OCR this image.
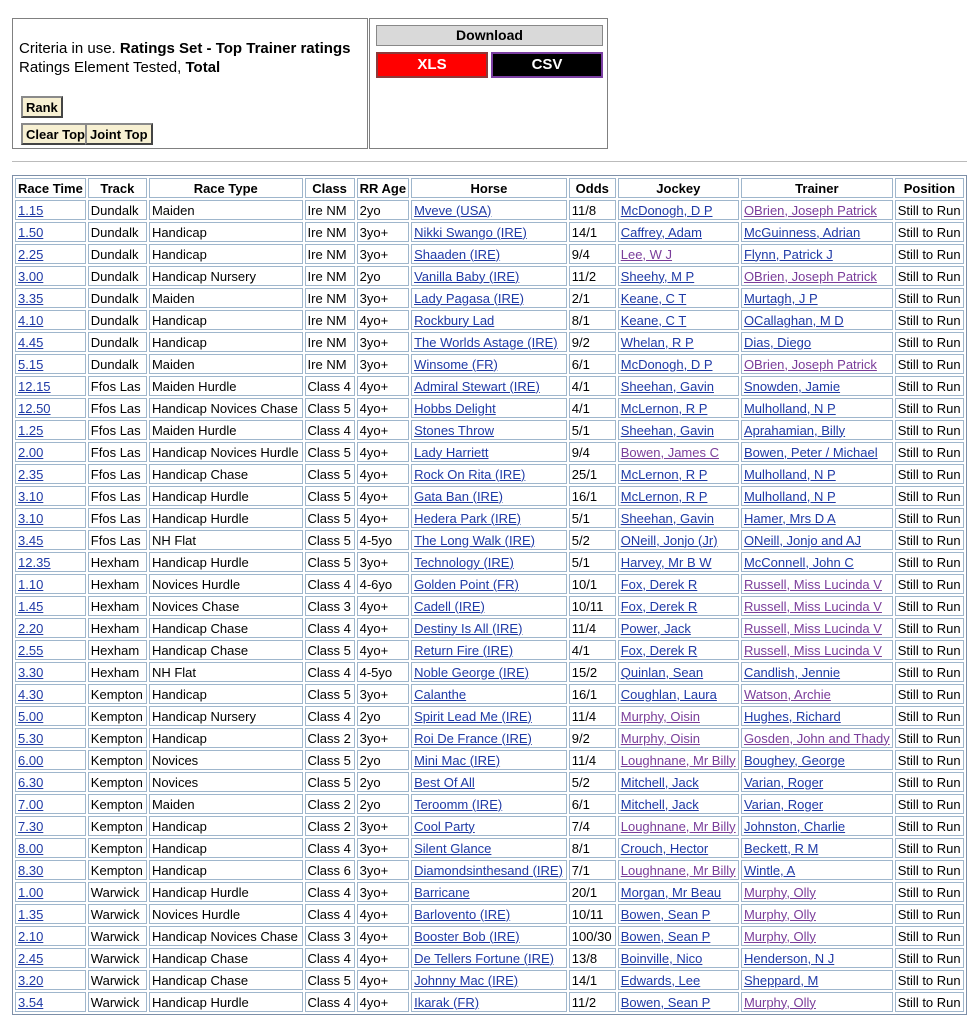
Criteria in use. Ratings Set - Top Trainer ratings
Ratings Element Tested, Total
Rank
Clear Top Joint Top
Download
XLS	CSV
Race Time	Track	Race Type	Class	RR Age	Horse	Odds	Jockey	Trainer	Position
1.15	Dundalk	Maiden	Ire NM	2yo	Mveve (USA)	11/8	McDonogh, D P	OBrien, Joseph Patrick	Still to Run
1.50	Dundalk	Handicap	Ire NM	3yo+	Nikki Swango (IRE)	14/1	Caffrey, Adam	McGuinness, Adrian	Still to Run
2.25	Dundalk	Handicap	Ire NM	3yo+	Shaaden (IRE)	9/4	Lee, W J	Flynn, Patrick J	Still to Run
3.00	Dundalk	Handicap Nursery	Ire NM	2yo	Vanilla Baby (IRE)	11/2	Sheehy, M P	OBrien, Joseph Patrick	Still to Run
3.35	Dundalk	Maiden	Ire NM	3yo+	Lady Pagasa (IRE)	2/1	Keane, C T	Murtagh, J P	Still to Run
4.10	Dundalk	Handicap	Ire NM	4yo+	Rockbury Lad	8/1	Keane, C T	OCallaghan, M D	Still to Run
4.45	Dundalk	Handicap	Ire NM	3yo+	The Worlds Astage (IRE)	9/2	Whelan, R P	Dias, Diego	Still to Run
5.15	Dundalk	Maiden	Ire NM	3yo+	Winsome (FR)	6/1	McDonogh, D P	OBrien, Joseph Patrick	Still to Run
12.15	Ffos Las	Maiden Hurdle	Class 4	4yo+	Admiral Stewart (IRE)	4/1	Sheehan, Gavin	Snowden, Jamie	Still to Run
12.50	Ffos Las	Handicap Novices Chase	Class 5	4yo+	Hobbs Delight	4/1	McLernon, R P	Mulholland, N P	Still to Run
1.25	Ffos Las	Maiden Hurdle	Class 4	4yo+	Stones Throw	5/1	Sheehan, Gavin	Aprahamian, Billy	Still to Run
2.00	Ffos Las	Handicap Novices Hurdle	Class 5	4yo+	Lady Harriett	9/4	Bowen, James C	Bowen, Peter / Michael	Still to Run
2.35	Ffos Las	Handicap Chase	Class 5	4yo+	Rock On Rita (IRE)	25/1	McLernon, R P	Mulholland, N P	Still to Run
3.10	Ffos Las	Handicap Hurdle	Class 5	4yo+	Gata Ban (IRE)	16/1	McLernon, R P	Mulholland, N P	Still to Run
3.10	Ffos Las	Handicap Hurdle	Class 5	4yo+	Hedera Park (IRE)	5/1	Sheehan, Gavin	Hamer, Mrs D A	Still to Run
3.45	Ffos Las	NH Flat	Class 5	4-5yo	The Long Walk (IRE)	5/2	ONeill, Jonjo (Jr)	ONeill, Jonjo and AJ	Still to Run
12.35	Hexham	Handicap Hurdle	Class 5	3yo+	Technology (IRE)	5/1	Harvey, Mr B W	McConnell, John C	Still to Run
1.10	Hexham	Novices Hurdle	Class 4	4-6yo	Golden Point (FR)	10/1	Fox, Derek R	Russell, Miss Lucinda V	Still to Run
1.45	Hexham	Novices Chase	Class 3	4yo+	Cadell (IRE)	10/11	Fox, Derek R	Russell, Miss Lucinda V	Still to Run
2.20	Hexham	Handicap Chase	Class 4	4yo+	Destiny Is All (IRE)	11/4	Power, Jack	Russell, Miss Lucinda V	Still to Run
2.55	Hexham	Handicap Chase	Class 5	4yo+	Return Fire (IRE)	4/1	Fox, Derek R	Russell, Miss Lucinda V	Still to Run
3.30	Hexham	NH Flat	Class 4	4-5yo	Noble George (IRE)	15/2	Quinlan, Sean	Candlish, Jennie	Still to Run
4.30	Kempton	Handicap	Class 5	3yo+	Calanthe	16/1	Coughlan, Laura	Watson, Archie	Still to Run
5.00	Kempton	Handicap Nursery	Class 4	2yo	Spirit Lead Me (IRE)	11/4	Murphy, Oisin	Hughes, Richard	Still to Run
5.30	Kempton	Handicap	Class 2	3yo+	Roi De France (IRE)	9/2	Murphy, Oisin	Gosden, John and Thady	Still to Run
6.00	Kempton	Novices	Class 5	2yo	Mini Mac (IRE)	11/4	Loughnane, Mr Billy	Boughey, George	Still to Run
6.30	Kempton	Novices	Class 5	2yo	Best Of All	5/2	Mitchell, Jack	Varian, Roger	Still to Run
7.00	Kempton	Maiden	Class 2	2yo	Teroomm (IRE)	6/1	Mitchell, Jack	Varian, Roger	Still to Run
7.30	Kempton	Handicap	Class 2	3yo+	Cool Party	7/4	Loughnane, Mr Billy	Johnston, Charlie	Still to Run
8.00	Kempton	Handicap	Class 4	3yo+	Silent Glance	8/1	Crouch, Hector	Beckett, R M	Still to Run
8.30	Kempton	Handicap	Class 6	3yo+	Diamondsinthesand (IRE)	7/1	Loughnane, Mr Billy	Wintle, A	Still to Run
1.00	Warwick	Handicap Hurdle	Class 4	3yo+	Barricane	20/1	Morgan, Mr Beau	Murphy, Olly	Still to Run
1.35	Warwick	Novices Hurdle	Class 4	4yo+	Barlovento (IRE)	10/11	Bowen, Sean P	Murphy, Olly	Still to Run
2.10	Warwick	Handicap Novices Chase	Class 3	4yo+	Booster Bob (IRE)	100/30	Bowen, Sean P	Murphy, Olly	Still to Run
2.45	Warwick	Handicap Chase	Class 4	4yo+	De Tellers Fortune (IRE)	13/8	Boinville, Nico	Henderson, N J	Still to Run
3.20	Warwick	Handicap Chase	Class 5	4yo+	Johnny Mac (IRE)	14/1	Edwards, Lee	Sheppard, M	Still to Run
3.54	Warwick	Handicap Hurdle	Class 4	4yo+	Ikarak (FR)	11/2	Bowen, Sean P	Murphy, Olly	Still to Run
